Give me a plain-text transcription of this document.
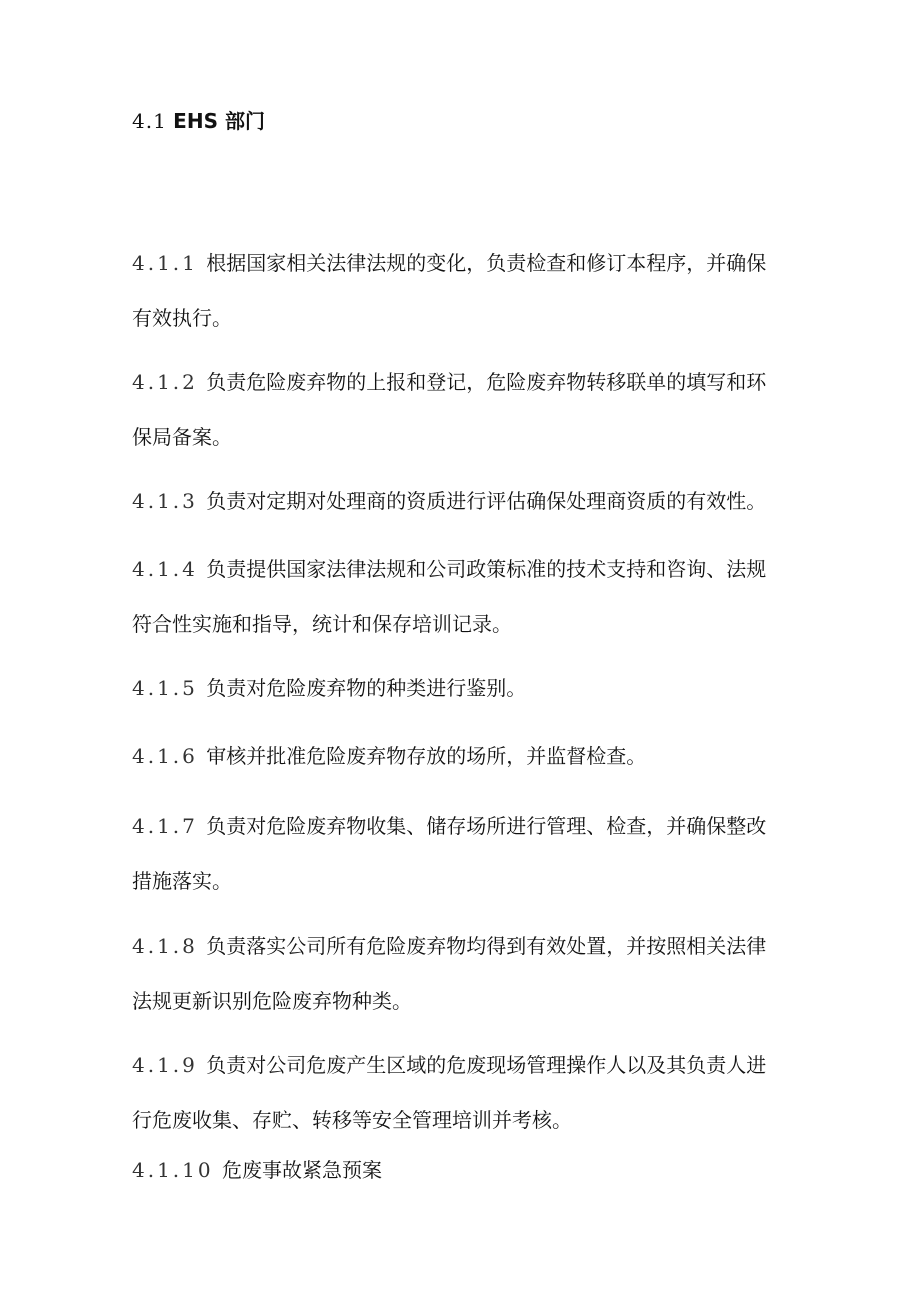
4.1 EHS 部门
4.1.1 根据国家相关法律法规的变化，负责检查和修订本程序，并确保有效执行。
4.1.2 负责危险废弃物的上报和登记，危险废弃物转移联单的填写和环保局备案。
4.1.3 负责对定期对处理商的资质进行评估确保处理商资质的有效性。
4.1.4 负责提供国家法律法规和公司政策标准的技术支持和咨询、法规符合性实施和指导，统计和保存培训记录。
4.1.5 负责对危险废弃物的种类进行鉴别。
4.1.6 审核并批准危险废弃物存放的场所，并监督检查。
4.1.7 负责对危险废弃物收集、储存场所进行管理、检查，并确保整改措施落实。
4.1.8 负责落实公司所有危险废弃物均得到有效处置，并按照相关法律法规更新识别危险废弃物种类。
4.1.9 负责对公司危废产生区域的危废现场管理操作人以及其负责人进行危废收集、存贮、转移等安全管理培训并考核。
4.1.10 危废事故紧急预案
